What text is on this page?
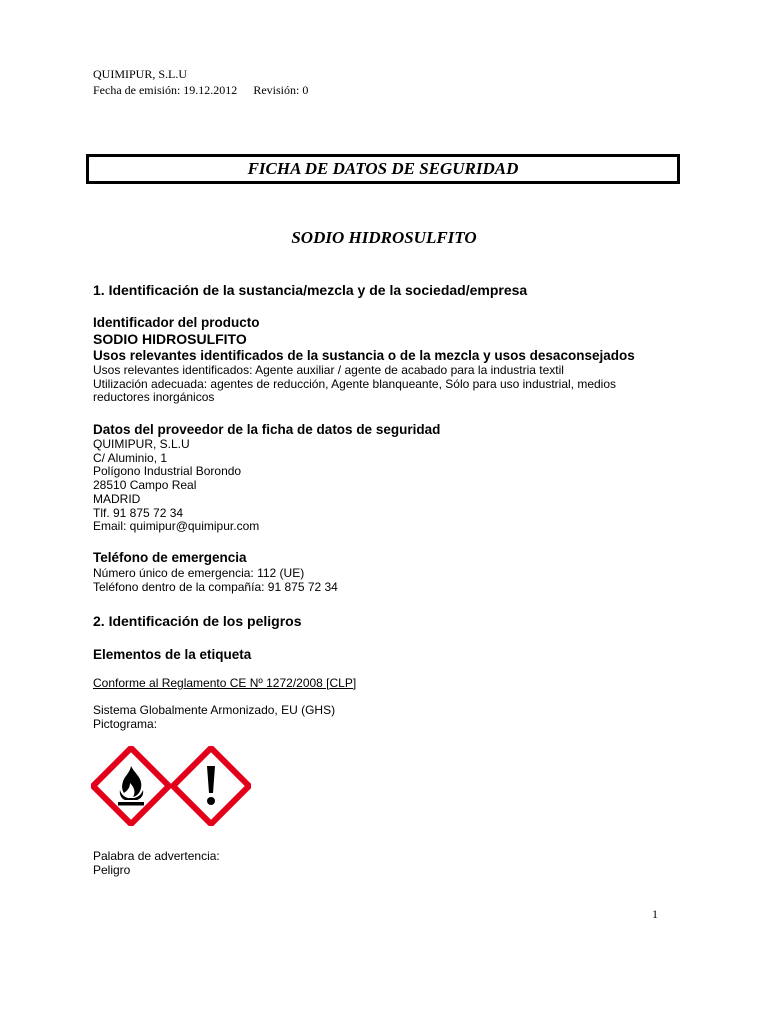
QUIMIPUR, S.L.U
Fecha de emisión: 19.12.2012 Revisión: 0
FICHA DE DATOS DE SEGURIDAD
SODIO HIDROSULFITO
1. Identificación de la sustancia/mezcla y de la sociedad/empresa
Identificador del producto
SODIO HIDROSULFITO
Usos relevantes identificados de la sustancia o de la mezcla y usos desaconsejados
Usos relevantes identificados: Agente auxiliar / agente de acabado para la industria textil
Utilización adecuada: agentes de reducción, Agente blanqueante, Sólo para uso industrial, medios
reductores inorgánicos
Datos del proveedor de la ficha de datos de seguridad
QUIMIPUR, S.L.U
C/ Aluminio, 1
Polígono Industrial Borondo
28510 Campo Real
MADRID
Tlf. 91 875 72 34
Email: quimipur@quimipur.com
Teléfono de emergencia
Número único de emergencia: 112 (UE)
Teléfono dentro de la compañía: 91 875 72 34
2. Identificación de los peligros
Elementos de la etiqueta
Conforme al Reglamento CE Nº 1272/2008 [CLP]
Sistema Globalmente Armonizado, EU (GHS)
Pictograma:
Palabra de advertencia:
Peligro
1
